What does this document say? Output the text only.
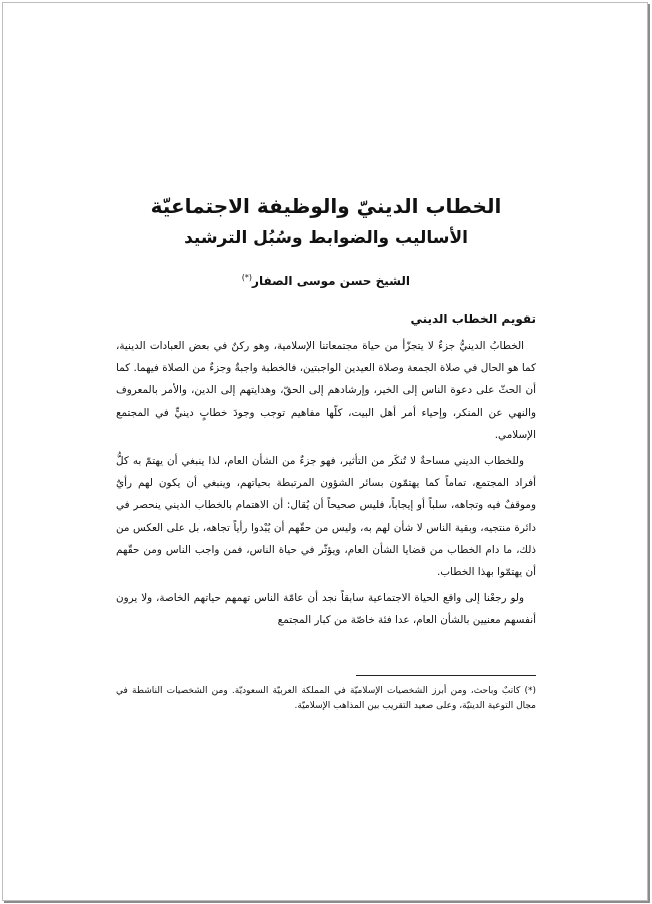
الخطاب الدينيّ والوظيفة الاجتماعيّة
الأساليب والضوابط وسُبُل الترشيد
الشيخ حسن موسى الصفار(*)
تقويم الخطاب الديني

الخطابُ الدينيُّ جزءٌ لا يتجزّأ من حياة مجتمعاتنا الإسلامية، وهو ركنٌ في بعض العبادات الدينية، كما هو الحال في صلاة الجمعة وصلاة العيدين الواجبتين، فالخطبة واجبةٌ وجزءٌ من الصلاة فيهما. كما أن الحثّ على دعوة الناس إلى الخير، وإرشادهم إلى الحقّ، وهدايتهم إلى الدين، والأمر بالمعروف والنهي عن المنكر، وإحياء أمر أهل البيت، كلّها مفاهيم توجب وجودَ خطابٍ دينيٍّ في المجتمع الإسلامي.

وللخطاب الديني مساحةٌ لا تُنكَر من التأثير، فهو جزءٌ من الشأن العام، لذا ينبغي أن يهتمّ به كلُّ أفراد المجتمع، تماماً كما يهتمّون بسائر الشؤون المرتبطة بحياتهم، وينبغي أن يكون لهم رأيٌ وموقفٌ فيه وتجاهه، سلباً أو إيجاباً، فليس صحيحاً أن يُقال: أن الاهتمام بالخطاب الديني ينحصر في دائرة منتجيه، وبقية الناس لا شأن لهم به، وليس من حقّهم أن يُبْدوا رأياً تجاهه، بل على العكس من ذلك، ما دام الخطاب من قضايا الشأن العام، ويؤثّر في حياة الناس، فمن واجب الناس ومن حقّهم أن يهتمّوا بهذا الخطاب.

ولو رجعْنا إلى واقع الحياة الاجتماعية سابقاً نجد أن عامّة الناس تهمهم حياتهم الخاصة، ولا يرون أنفسهم معنيين بالشأن العام، عدا فئة خاصّة من كبار المجتمع

(*) كاتبٌ وباحث، ومن أبرز الشخصيات الإسلاميّة في المملكة العربيّة السعوديّة. ومن الشخصيات الناشطة في مجال التوعية الدينيّة، وعلى صعيد التقريب بين المذاهب الإسلاميّة.
